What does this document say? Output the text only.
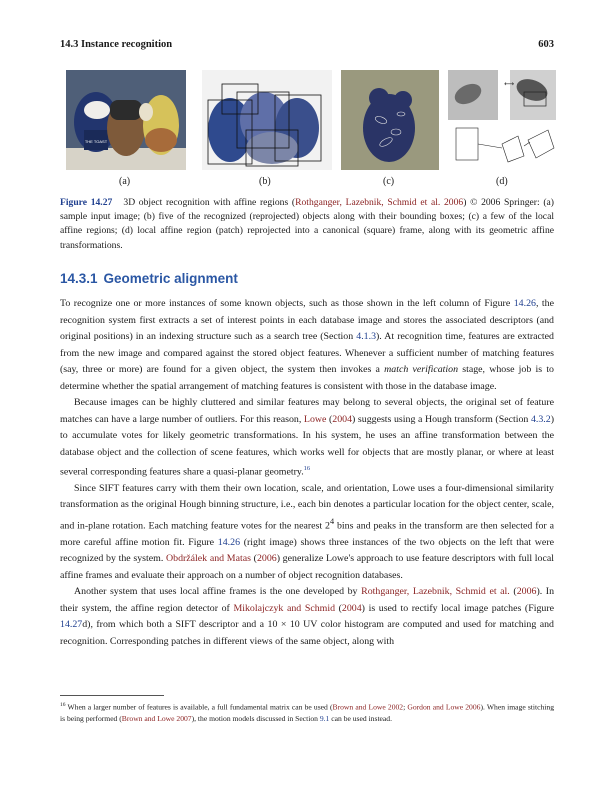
14.3 Instance recognition	603
THE TOAST
⟷
(a)	(b)	(c)	(d)
Figure 14.27 3D object recognition with affine regions (Rothganger, Lazebnik, Schmid et al. 2006) © 2006 Springer: (a) sample input image; (b) five of the recognized (reprojected) objects along with their bounding boxes; (c) a few of the local affine regions; (d) local affine region (patch) reprojected into a canonical (square) frame, along with its geometric affine transformations.
14.3.1 Geometric alignment

To recognize one or more instances of some known objects, such as those shown in the left column of Figure 14.26, the recognition system first extracts a set of interest points in each database image and stores the associated descriptors (and original positions) in an indexing structure such as a search tree (Section 4.1.3). At recognition time, features are extracted from the new image and compared against the stored object features. Whenever a sufficient number of matching features (say, three or more) are found for a given object, the system then invokes a match verification stage, whose job is to determine whether the spatial arrangement of matching features is consistent with those in the database image.

Because images can be highly cluttered and similar features may belong to several objects, the original set of feature matches can have a large number of outliers. For this reason, Lowe (2004) suggests using a Hough transform (Section 4.3.2) to accumulate votes for likely geometric transformations. In his system, he uses an affine transformation between the database object and the collection of scene features, which works well for objects that are mostly planar, or where at least several corresponding features share a quasi-planar geometry.$^{16}$

Since SIFT features carry with them their own location, scale, and orientation, Lowe uses a four-dimensional similarity transformation as the original Hough binning structure, i.e., each bin denotes a particular location for the object center, scale, and in-plane rotation. Each matching feature votes for the nearest $2^4$ bins and peaks in the transform are then selected for a more careful affine motion fit. Figure 14.26 (right image) shows three instances of the two objects on the left that were recognized by the system. Obdržálek and Matas (2006) generalize Lowe's approach to use feature descriptors with full local affine frames and evaluate their approach on a number of object recognition databases.

Another system that uses local affine frames is the one developed by Rothganger, Lazebnik, Schmid et al. (2006). In their system, the affine region detector of Mikolajczyk and Schmid (2004) is used to rectify local image patches (Figure 14.27d), from which both a SIFT descriptor and a 10 × 10 UV color histogram are computed and used for matching and recognition. Corresponding patches in different views of the same object, along with

$^{16}$ When a larger number of features is available, a full fundamental matrix can be used (Brown and Lowe 2002; Gordon and Lowe 2006). When image stitching is being performed (Brown and Lowe 2007), the motion models discussed in Section 9.1 can be used instead.
